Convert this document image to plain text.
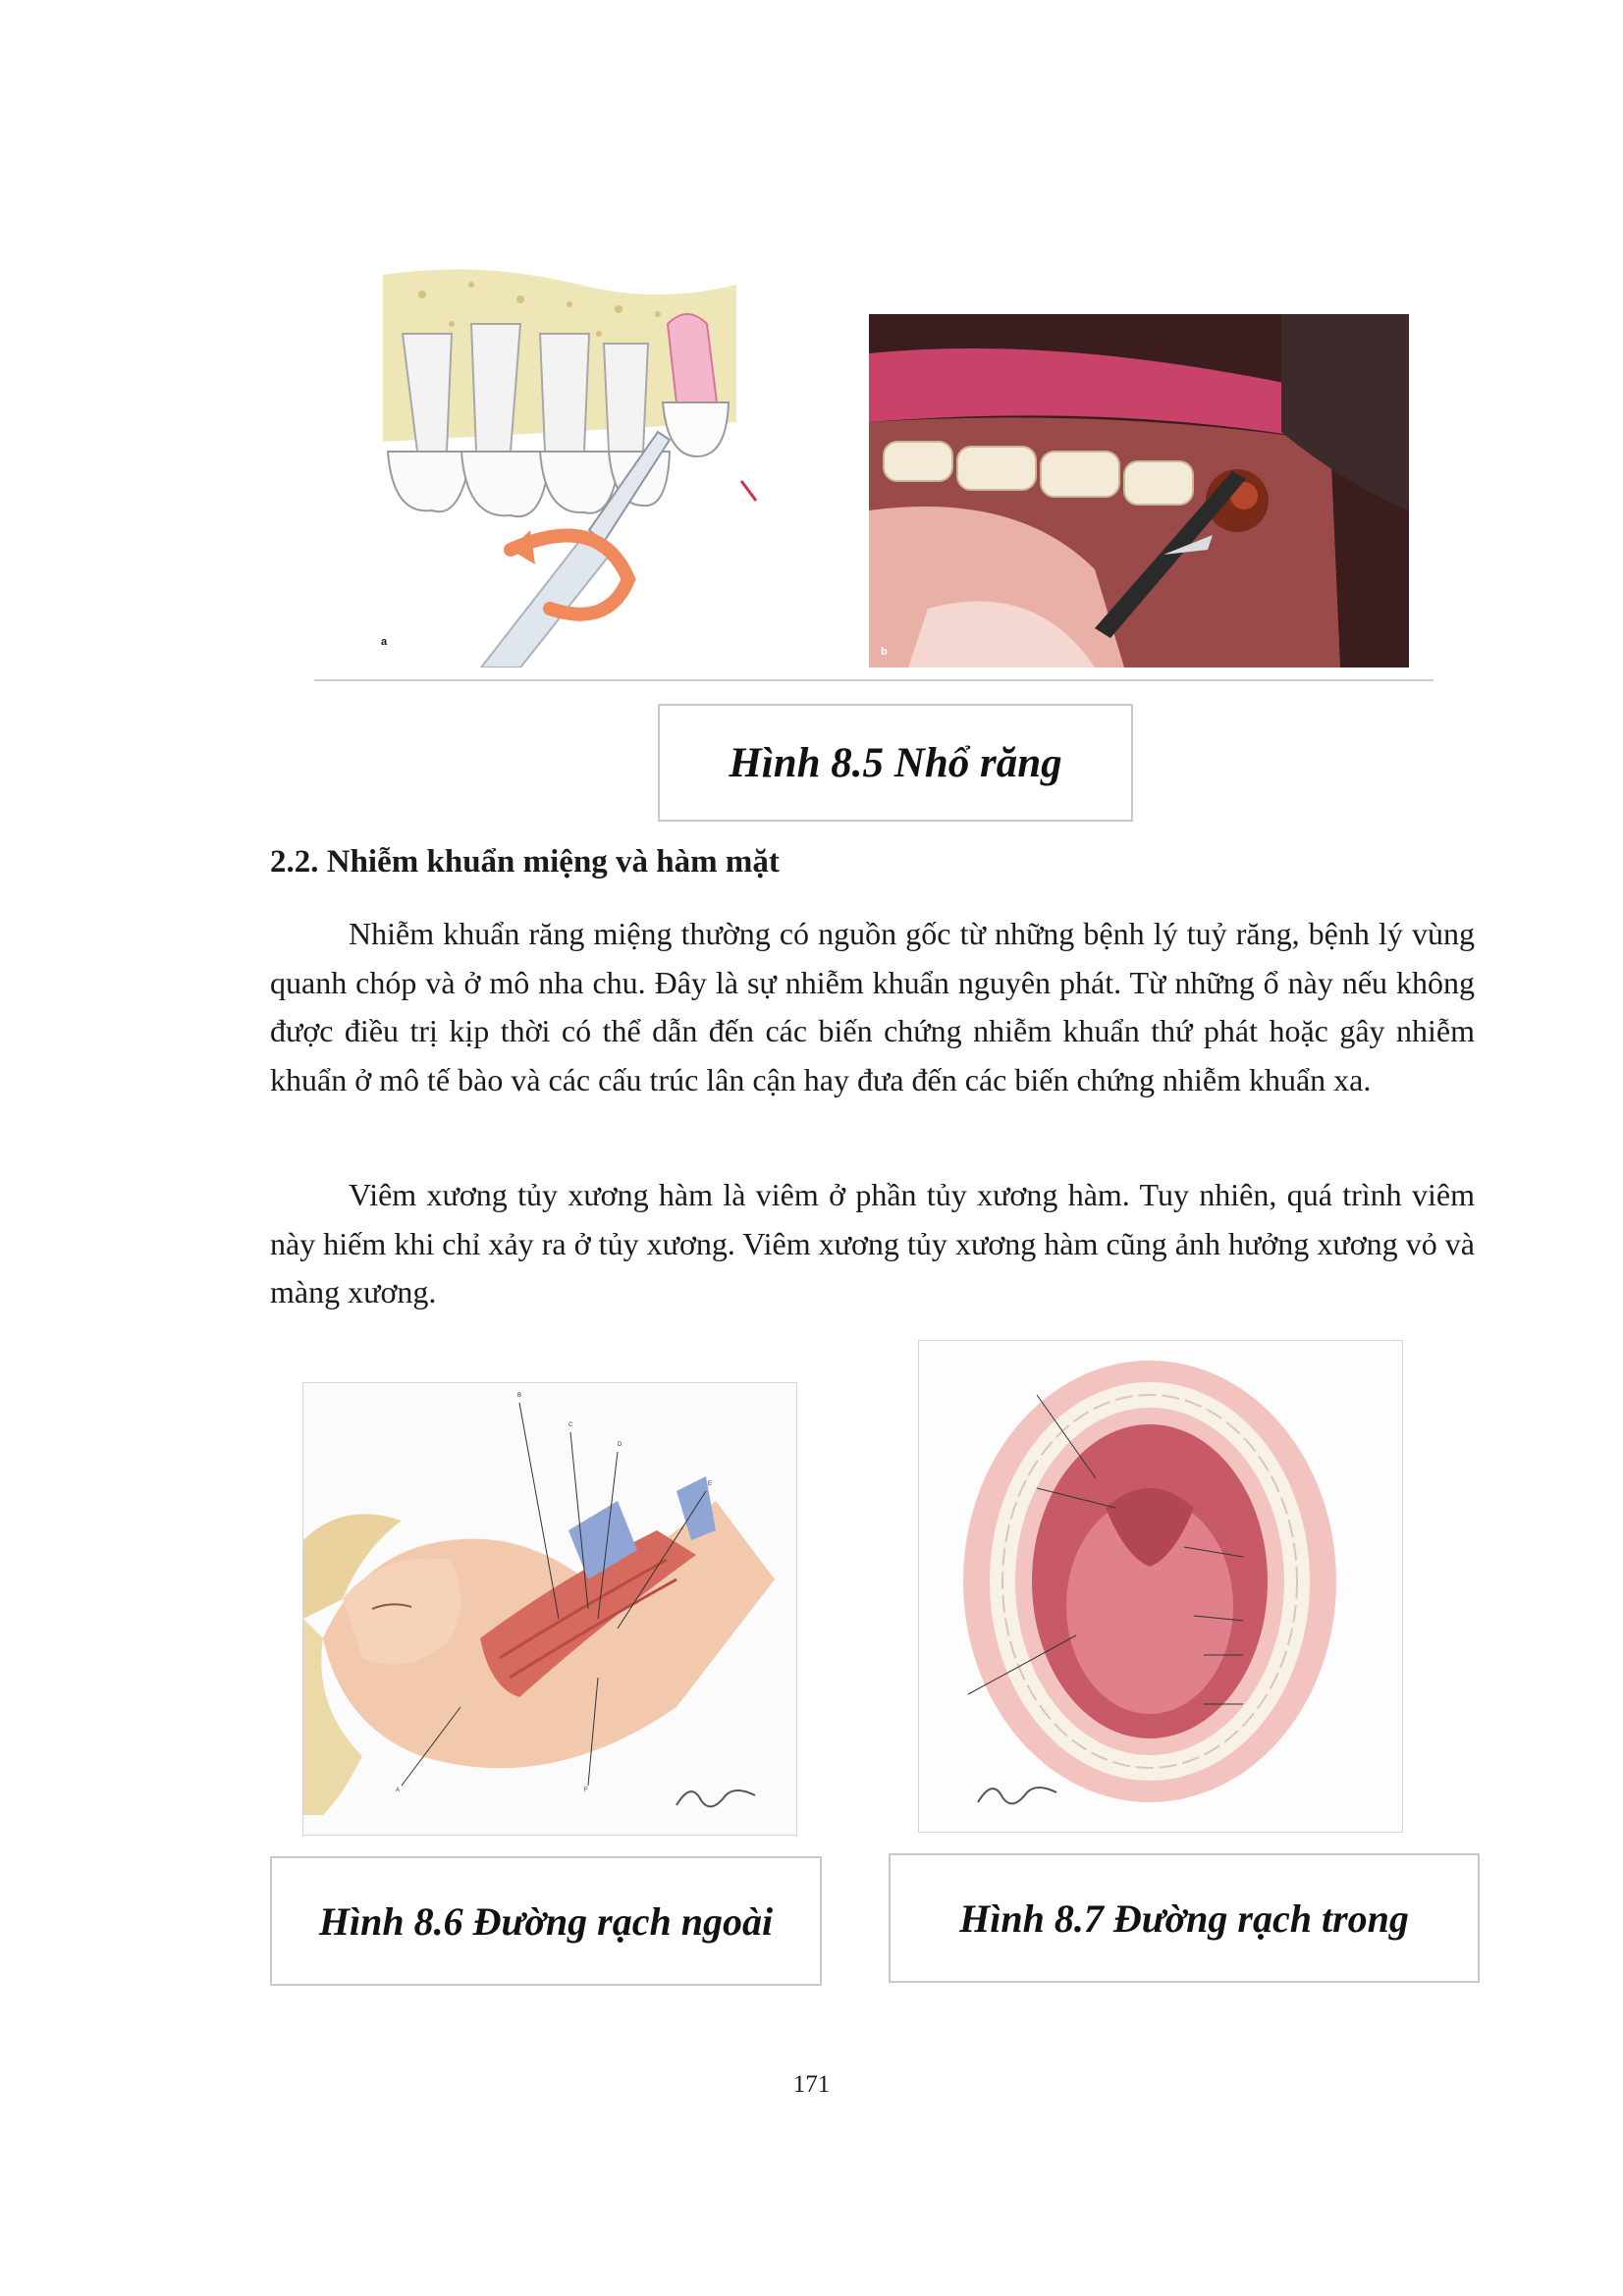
a
b
Hình 8.5 Nhổ răng
2.2. Nhiễm khuẩn miệng và hàm mặt

Nhiễm khuẩn răng miệng thường có nguồn gốc từ những bệnh lý tuỷ răng, bệnh lý vùng quanh chóp và ở mô nha chu. Đây là sự nhiễm khuẩn nguyên phát. Từ những ổ này nếu không được điều trị kịp thời có thể dẫn đến các biến chứng nhiễm khuẩn thứ phát hoặc gây nhiễm khuẩn ở mô tế bào và các cấu trúc lân cận hay đưa đến các biến chứng nhiễm khuẩn xa.

Viêm xương tủy xương hàm là viêm ở phần tủy xương hàm. Tuy nhiên, quá trình viêm này hiếm khi chỉ xảy ra ở tủy xương. Viêm xương tủy xương hàm cũng ảnh hưởng xương vỏ và màng xương.

B
C
D
E
A	F
Hình 8.6 Đường rạch ngoài	Hình 8.7 Đường rạch trong
171
